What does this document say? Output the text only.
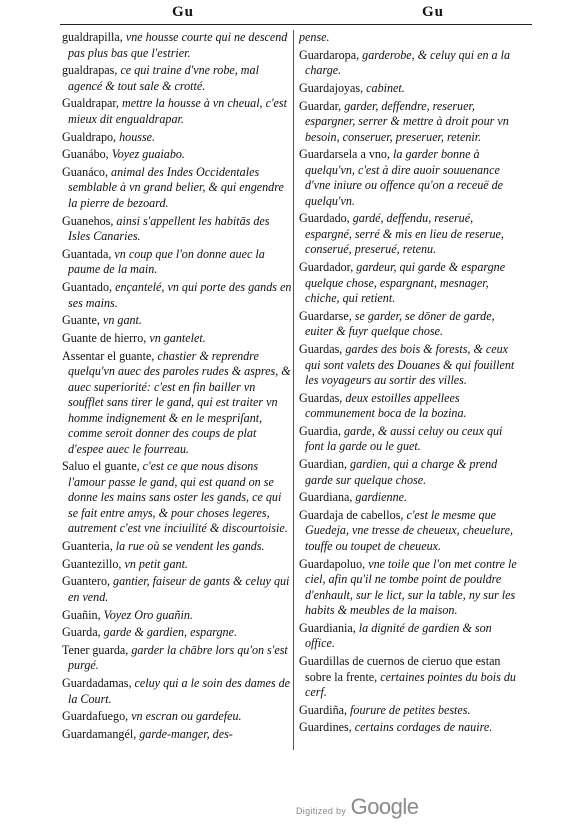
Gu	Gu
gualdrapilla, vne housse courte qui ne descend pas plus bas que l'estrier.
gualdrapas, ce qui traine d'vne robe, mal agencé & tout sale & crotté.
Gualdrapar, mettre la housse à vn cheual, c'est mieux dit engualdrapar.
Gualdrapo, housse.
Guanábo, Voyez guaiabo.
Guanáco, animal des Indes Occidentales semblable à vn grand belier, & qui engendre la pierre de bezoard.
Guanehos, ainsi s'appellent les habitās des Isles Canaries.
Guantada, vn coup que l'on donne auec la paume de la main.
Guantado, ençantelé, vn qui porte des gands en ses mains.
Guante, vn gant.
Guante de hierro, vn gantelet.
Assentar el guante, chastier & reprendre quelqu'vn auec des paroles rudes & aspres, & auec superiorité: c'est en fin bailler vn soufflet sans tirer le gand, qui est traiter vn homme indignement & en le mespriſant, comme seroit donner des coups de plat d'espee auec le fourreau.
Saluo el guante, c'est ce que nous disons l'amour passe le gand, qui est quand on se donne les mains sans oster les gands, ce qui se fait entre amys, & pour choses legeres, autrement c'est vne inciuilité & discourtoisie.
Guanteria, la rue où se vendent les gands.
Guantezillo, vn petit gant.
Guantero, gantier, faiseur de gants & celuy qui en vend.
Guañin, Voyez Oro guañin.
Guarda, garde & gardien, espargne.
Tener guarda, garder la chābre lors qu'on s'est purgé.
Guardadamas, celuy qui a le soin des dames de la Court.
Guardafuego, vn escran ou gardefeu.
Guardamangél, garde-manger, des-
pense.
Guardaropa, garderobe, & celuy qui en a la charge.
Guardajoyas, cabinet.
Guardar, garder, deffendre, reseruer, espargner, serrer & mettre à droit pour vn besoin, conseruer, preseruer, retenir.
Guardarsela a vno, la garder bonne à quelqu'vn, c'est à dire auoir souuenance d'vne iniure ou offence qu'on a receuë de quelqu'vn.
Guardado, gardé, deffendu, reserué, espargné, serré & mis en lieu de reserue, conserué, preserué, retenu.
Guardador, gardeur, qui garde & espargne quelque chose, espargnant, mesnager, chiche, qui retient.
Guardarse, se garder, se dōner de garde, euiter & fuyr quelque chose.
Guardas, gardes des bois & forests, & ceux qui sont valets des Douanes & qui fouillent les voyageurs au sortir des villes.
Guardas, deux estoilles appellees communement boca de la bozina.
Guardia, garde, & aussi celuy ou ceux qui font la garde ou le guet.
Guardian, gardien, qui a charge & prend garde sur quelque chose.
Guardiana, gardienne.
Guardaja de cabellos, c'est le mesme que Guedeja, vne tresse de cheueux, cheuelure, touffe ou toupet de cheueux.
Guardapoluo, vne toile que l'on met contre le ciel, afin qu'il ne tombe point de pouldre d'enhault, sur le lict, sur la table, ny sur les habits & meubles de la maison.
Guardiania, la dignité de gardien & son office.
Guardillas de cuernos de cieruo que estan sobre la frente, certaines pointes du bois du cerf.
Guardiña, fourure de petites bestes.
Guardines, certains cordages de nauire.
Digitized by Google
